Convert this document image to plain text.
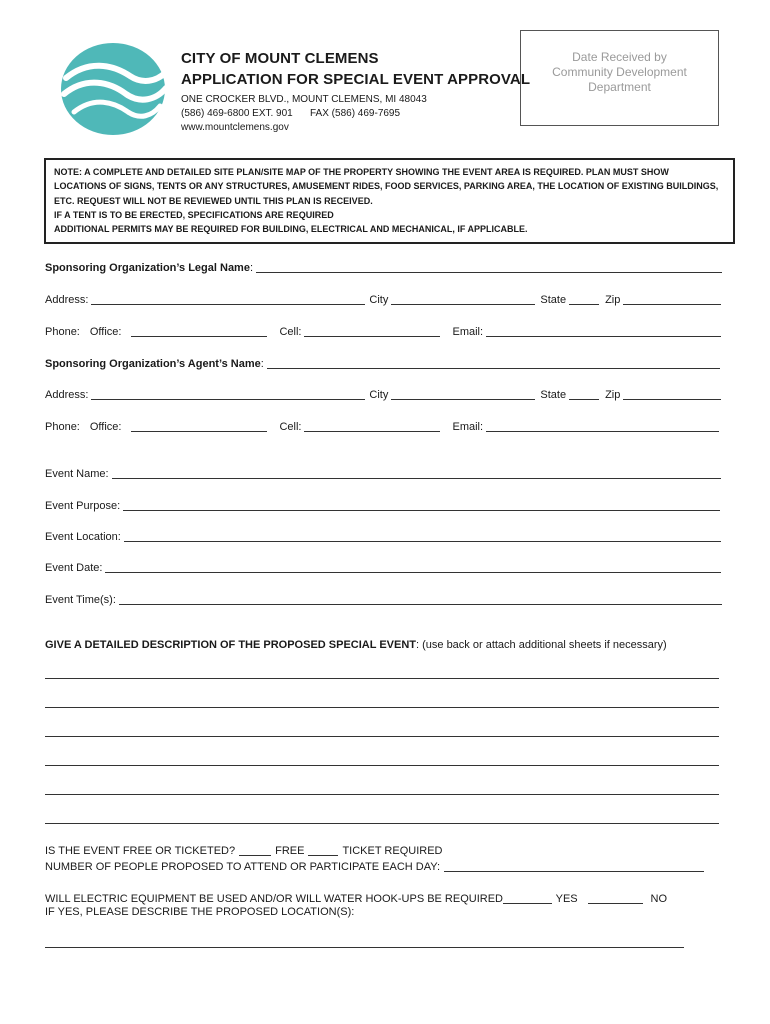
CITY OF MOUNT CLEMENS
APPLICATION FOR SPECIAL EVENT APPROVAL
ONE CROCKER BLVD., MOUNT CLEMENS, MI 48043
(586) 469-6800 EXT. 901 FAX (586) 469-7695
www.mountclemens.gov
Date Received by
Community Development
Department
NOTE: A COMPLETE AND DETAILED SITE PLAN/SITE MAP OF THE PROPERTY SHOWING THE EVENT AREA IS REQUIRED. PLAN MUST SHOW
LOCATIONS OF SIGNS, TENTS OR ANY STRUCTURES, AMUSEMENT RIDES, FOOD SERVICES, PARKING AREA, THE LOCATION OF EXISTING BUILDINGS,
ETC. REQUEST WILL NOT BE REVIEWED UNTIL THIS PLAN IS RECEIVED.
IF A TENT IS TO BE ERECTED, SPECIFICATIONS ARE REQUIRED
ADDITIONAL PERMITS MAY BE REQUIRED FOR BUILDING, ELECTRICAL AND MECHANICAL, IF APPLICABLE.
Sponsoring Organization’s Legal Name :
Address:	City	State	Zip
Phone: Office:	Cell:	Email:
Sponsoring Organization’s Agent’s Name :
Address:	City	State	Zip
Phone: Office:	Cell:	Email:
Event Name:
Event Purpose:
Event Location:
Event Date:
Event Time(s):
GIVE A DETAILED DESCRIPTION OF THE PROPOSED SPECIAL EVENT: (use back or attach additional sheets if necessary)
IS THE EVENT FREE OR TICKETED?	FREE	TICKET REQUIRED
NUMBER OF PEOPLE PROPOSED TO ATTEND OR PARTICIPATE EACH DAY:
WILL ELECTRIC EQUIPMENT BE USED AND/OR WILL WATER HOOK-UPS BE REQUIRED	YES	NO
IF YES, PLEASE DESCRIBE THE PROPOSED LOCATION(S):
